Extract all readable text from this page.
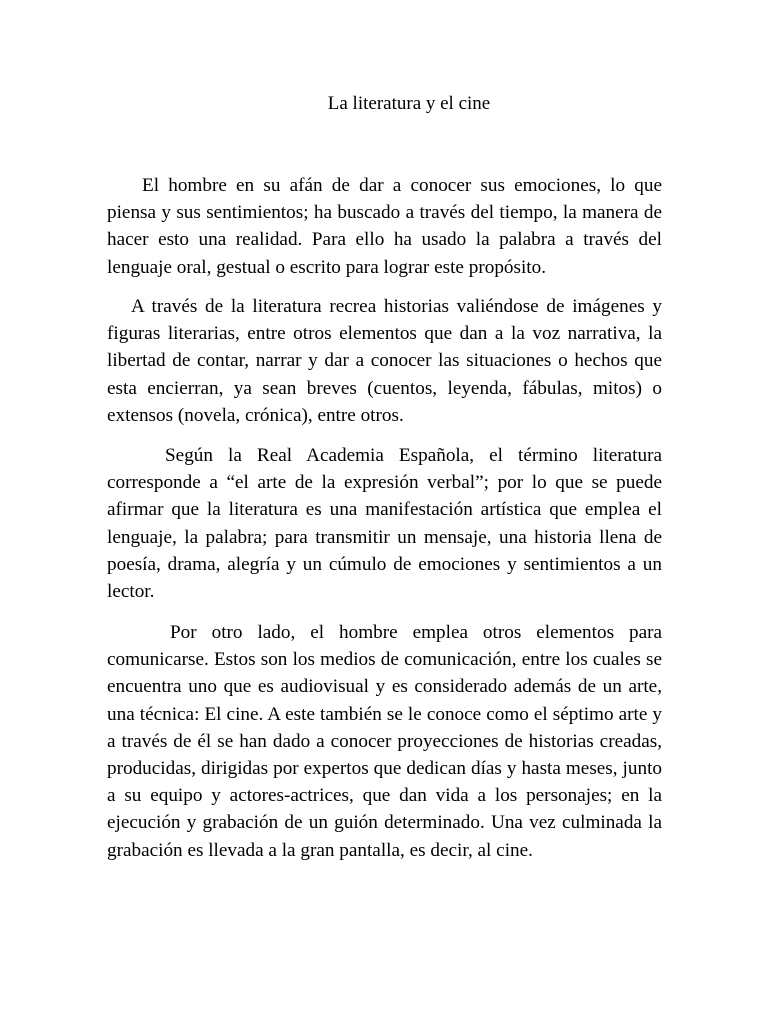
La literatura y el cine

El hombre en su afán de dar a conocer sus emociones, lo que piensa y sus sentimientos; ha buscado a través del tiempo, la manera de hacer esto una realidad. Para ello ha usado la palabra a través del lenguaje oral, gestual o escrito para lograr este propósito.

A través de la literatura recrea historias valiéndose de imágenes y figuras literarias, entre otros elementos que dan a la voz narrativa, la libertad de contar, narrar y dar a conocer las situaciones o hechos que esta encierran, ya sean breves (cuentos, leyenda, fábulas, mitos) o extensos (novela, crónica), entre otros.

Según la Real Academia Española, el término literatura corresponde a “el arte de la expresión verbal”; por lo que se puede afirmar que la literatura es una manifestación artística que emplea el lenguaje, la palabra; para transmitir un mensaje, una historia llena de poesía, drama, alegría y un cúmulo de emociones y sentimientos a un lector.

Por otro lado, el hombre emplea otros elementos para comunicarse. Estos son los medios de comunicación, entre los cuales se encuentra uno que es audiovisual y es considerado además de un arte, una técnica: El cine. A este también se le conoce como el séptimo arte y a través de él se han dado a conocer proyecciones de historias creadas, producidas, dirigidas por expertos que dedican días y hasta meses, junto a su equipo y actores-actrices, que dan vida a los personajes; en la ejecución y grabación de un guión determinado. Una vez culminada la grabación es llevada a la gran pantalla, es decir, al cine.
